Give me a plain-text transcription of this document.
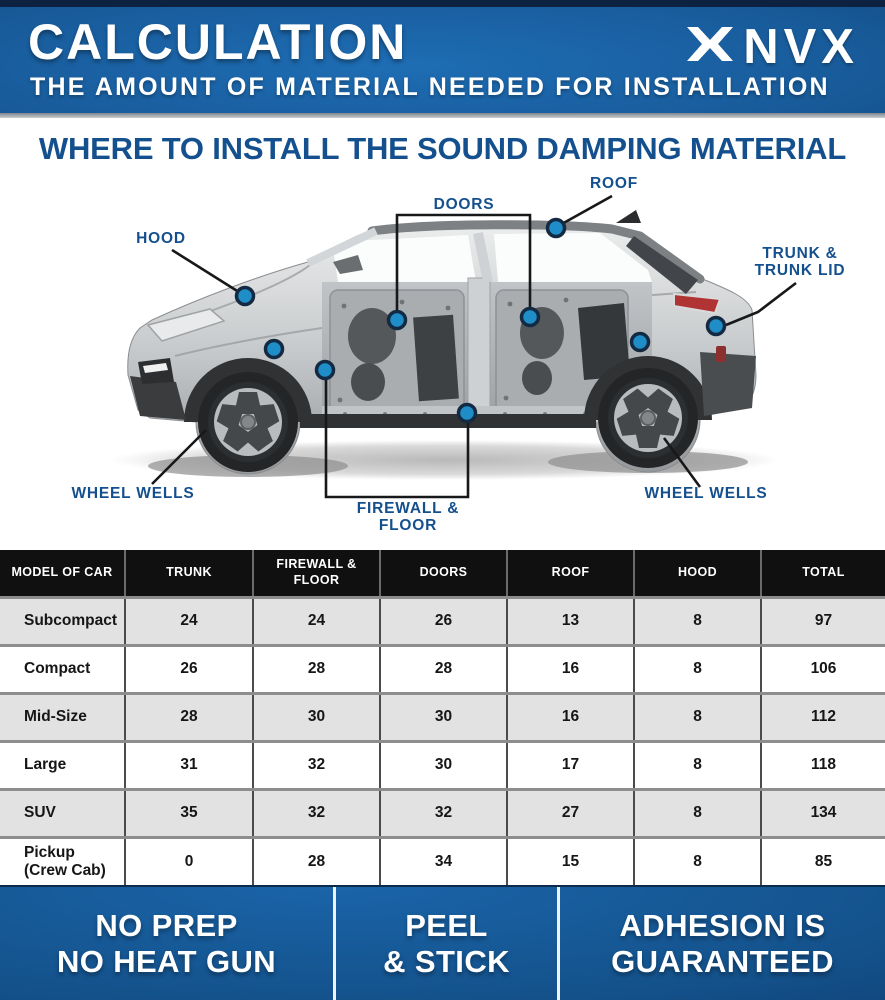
CALCULATION	NVX
THE AMOUNT OF MATERIAL NEEDED FOR INSTALLATION
WHERE TO INSTALL THE SOUND DAMPING MATERIAL
ROOF
DOORS
HOOD
TRUNK &
TRUNK LID
WHEEL WELLS	WHEEL WELLS
FIREWALL &
FLOOR
MODEL OF CAR	TRUNK	FIREWALL & FLOOR	DOORS	ROOF	HOOD	TOTAL
Subcompact	24	24	26	13	8	97
Compact	26	28	28	16	8	106
Mid-Size	28	30	30	16	8	112
Large	31	32	30	17	8	118
SUV	35	32	32	27	8	134
Pickup (Crew Cab)	0	28	34	15	8	85
NO PREP
NO HEAT GUN
PEEL
& STICK
ADHESION IS
GUARANTEED
